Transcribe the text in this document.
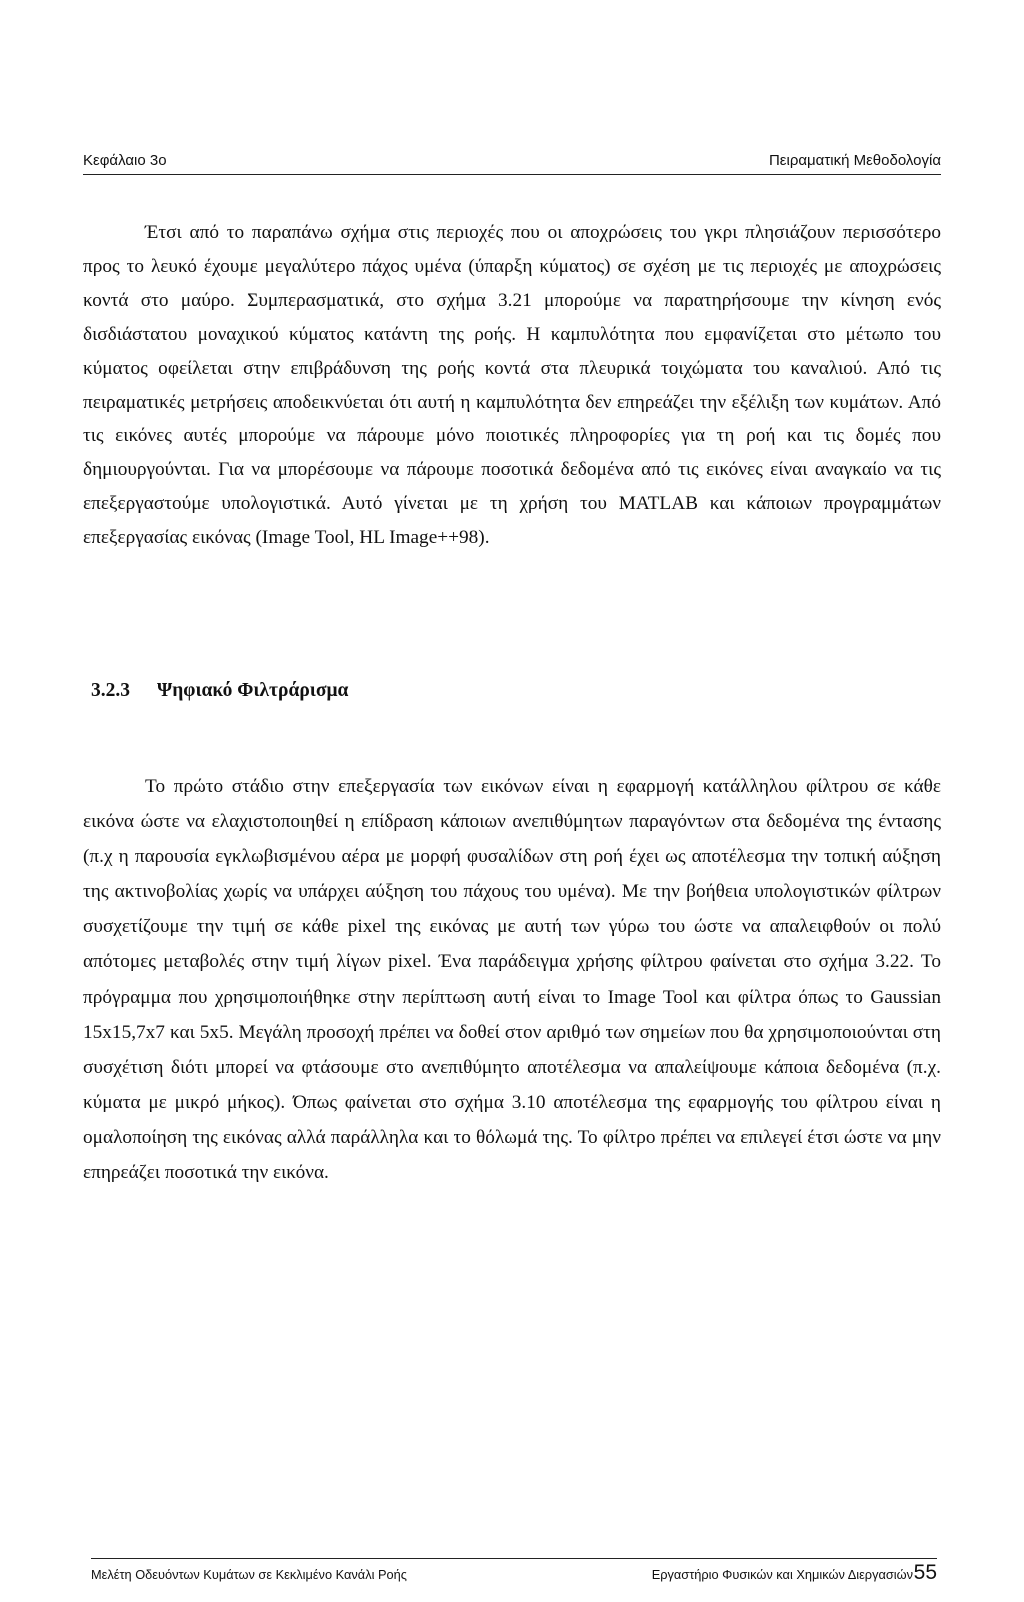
Κεφάλαιο 3ο	Πειραματική Μεθοδολογία

Έτσι από το παραπάνω σχήμα στις περιοχές που οι αποχρώσεις του γκρι πλησιάζουν περισσότερο προς το λευκό έχουμε μεγαλύτερο πάχος υμένα (ύπαρξη κύματος) σε σχέση με τις περιοχές με αποχρώσεις κοντά στο μαύρο. Συμπερασματικά, στο σχήμα 3.21 μπορούμε να παρατηρήσουμε την κίνηση ενός δισδιάστατου μοναχικού κύματος κατάντη της ροής. Η καμπυλότητα που εμφανίζεται στο μέτωπο του κύματος οφείλεται στην επιβράδυνση της ροής κοντά στα πλευρικά τοιχώματα του καναλιού. Από τις πειραματικές μετρήσεις αποδεικνύεται ότι αυτή η καμπυλότητα δεν επηρεάζει την εξέλιξη των κυμάτων. Από τις εικόνες αυτές μπορούμε να πάρουμε μόνο ποιοτικές πληροφορίες για τη ροή και τις δομές που δημιουργούνται. Για να μπορέσουμε να πάρουμε ποσοτικά δεδομένα από τις εικόνες είναι αναγκαίο να τις επεξεργαστούμε υπολογιστικά. Αυτό γίνεται με τη χρήση του MATLAB και κάποιων προγραμμάτων επεξεργασίας εικόνας (Image Tool, HL Image++98).

3.2.3 Ψηφιακό Φιλτράρισμα

Το πρώτο στάδιο στην επεξεργασία των εικόνων είναι η εφαρμογή κατάλληλου φίλτρου σε κάθε εικόνα ώστε να ελαχιστοποιηθεί η επίδραση κάποιων ανεπιθύμητων παραγόντων στα δεδομένα της έντασης (π.χ η παρουσία εγκλωβισμένου αέρα με μορφή φυσαλίδων στη ροή έχει ως αποτέλεσμα την τοπική αύξηση της ακτινοβολίας χωρίς να υπάρχει αύξηση του πάχους του υμένα). Με την βοήθεια υπολογιστικών φίλτρων συσχετίζουμε την τιμή σε κάθε pixel της εικόνας με αυτή των γύρω του ώστε να απαλειφθούν οι πολύ απότομες μεταβολές στην τιμή λίγων pixel. Ένα παράδειγμα χρήσης φίλτρου φαίνεται στο σχήμα 3.22. Το πρόγραμμα που χρησιμοποιήθηκε στην περίπτωση αυτή είναι το Image Tool και φίλτρα όπως το Gaussian 15x15,7x7 και 5x5. Μεγάλη προσοχή πρέπει να δοθεί στον αριθμό των σημείων που θα χρησιμοποιούνται στη συσχέτιση διότι μπορεί να φτάσουμε στο ανεπιθύμητο αποτέλεσμα να απαλείψουμε κάποια δεδομένα (π.χ. κύματα με μικρό μήκος). Όπως φαίνεται στο σχήμα 3.10 αποτέλεσμα της εφαρμογής του φίλτρου είναι η ομαλοποίηση της εικόνας αλλά παράλληλα και το θόλωμά της. Το φίλτρο πρέπει να επιλεγεί έτσι ώστε να μην επηρεάζει ποσοτικά την εικόνα.

Μελέτη Οδευόντων Κυμάτων σε Κεκλιμένο Κανάλι Ροής	Εργαστήριο Φυσικών και Χημικών Διεργασιών 55
